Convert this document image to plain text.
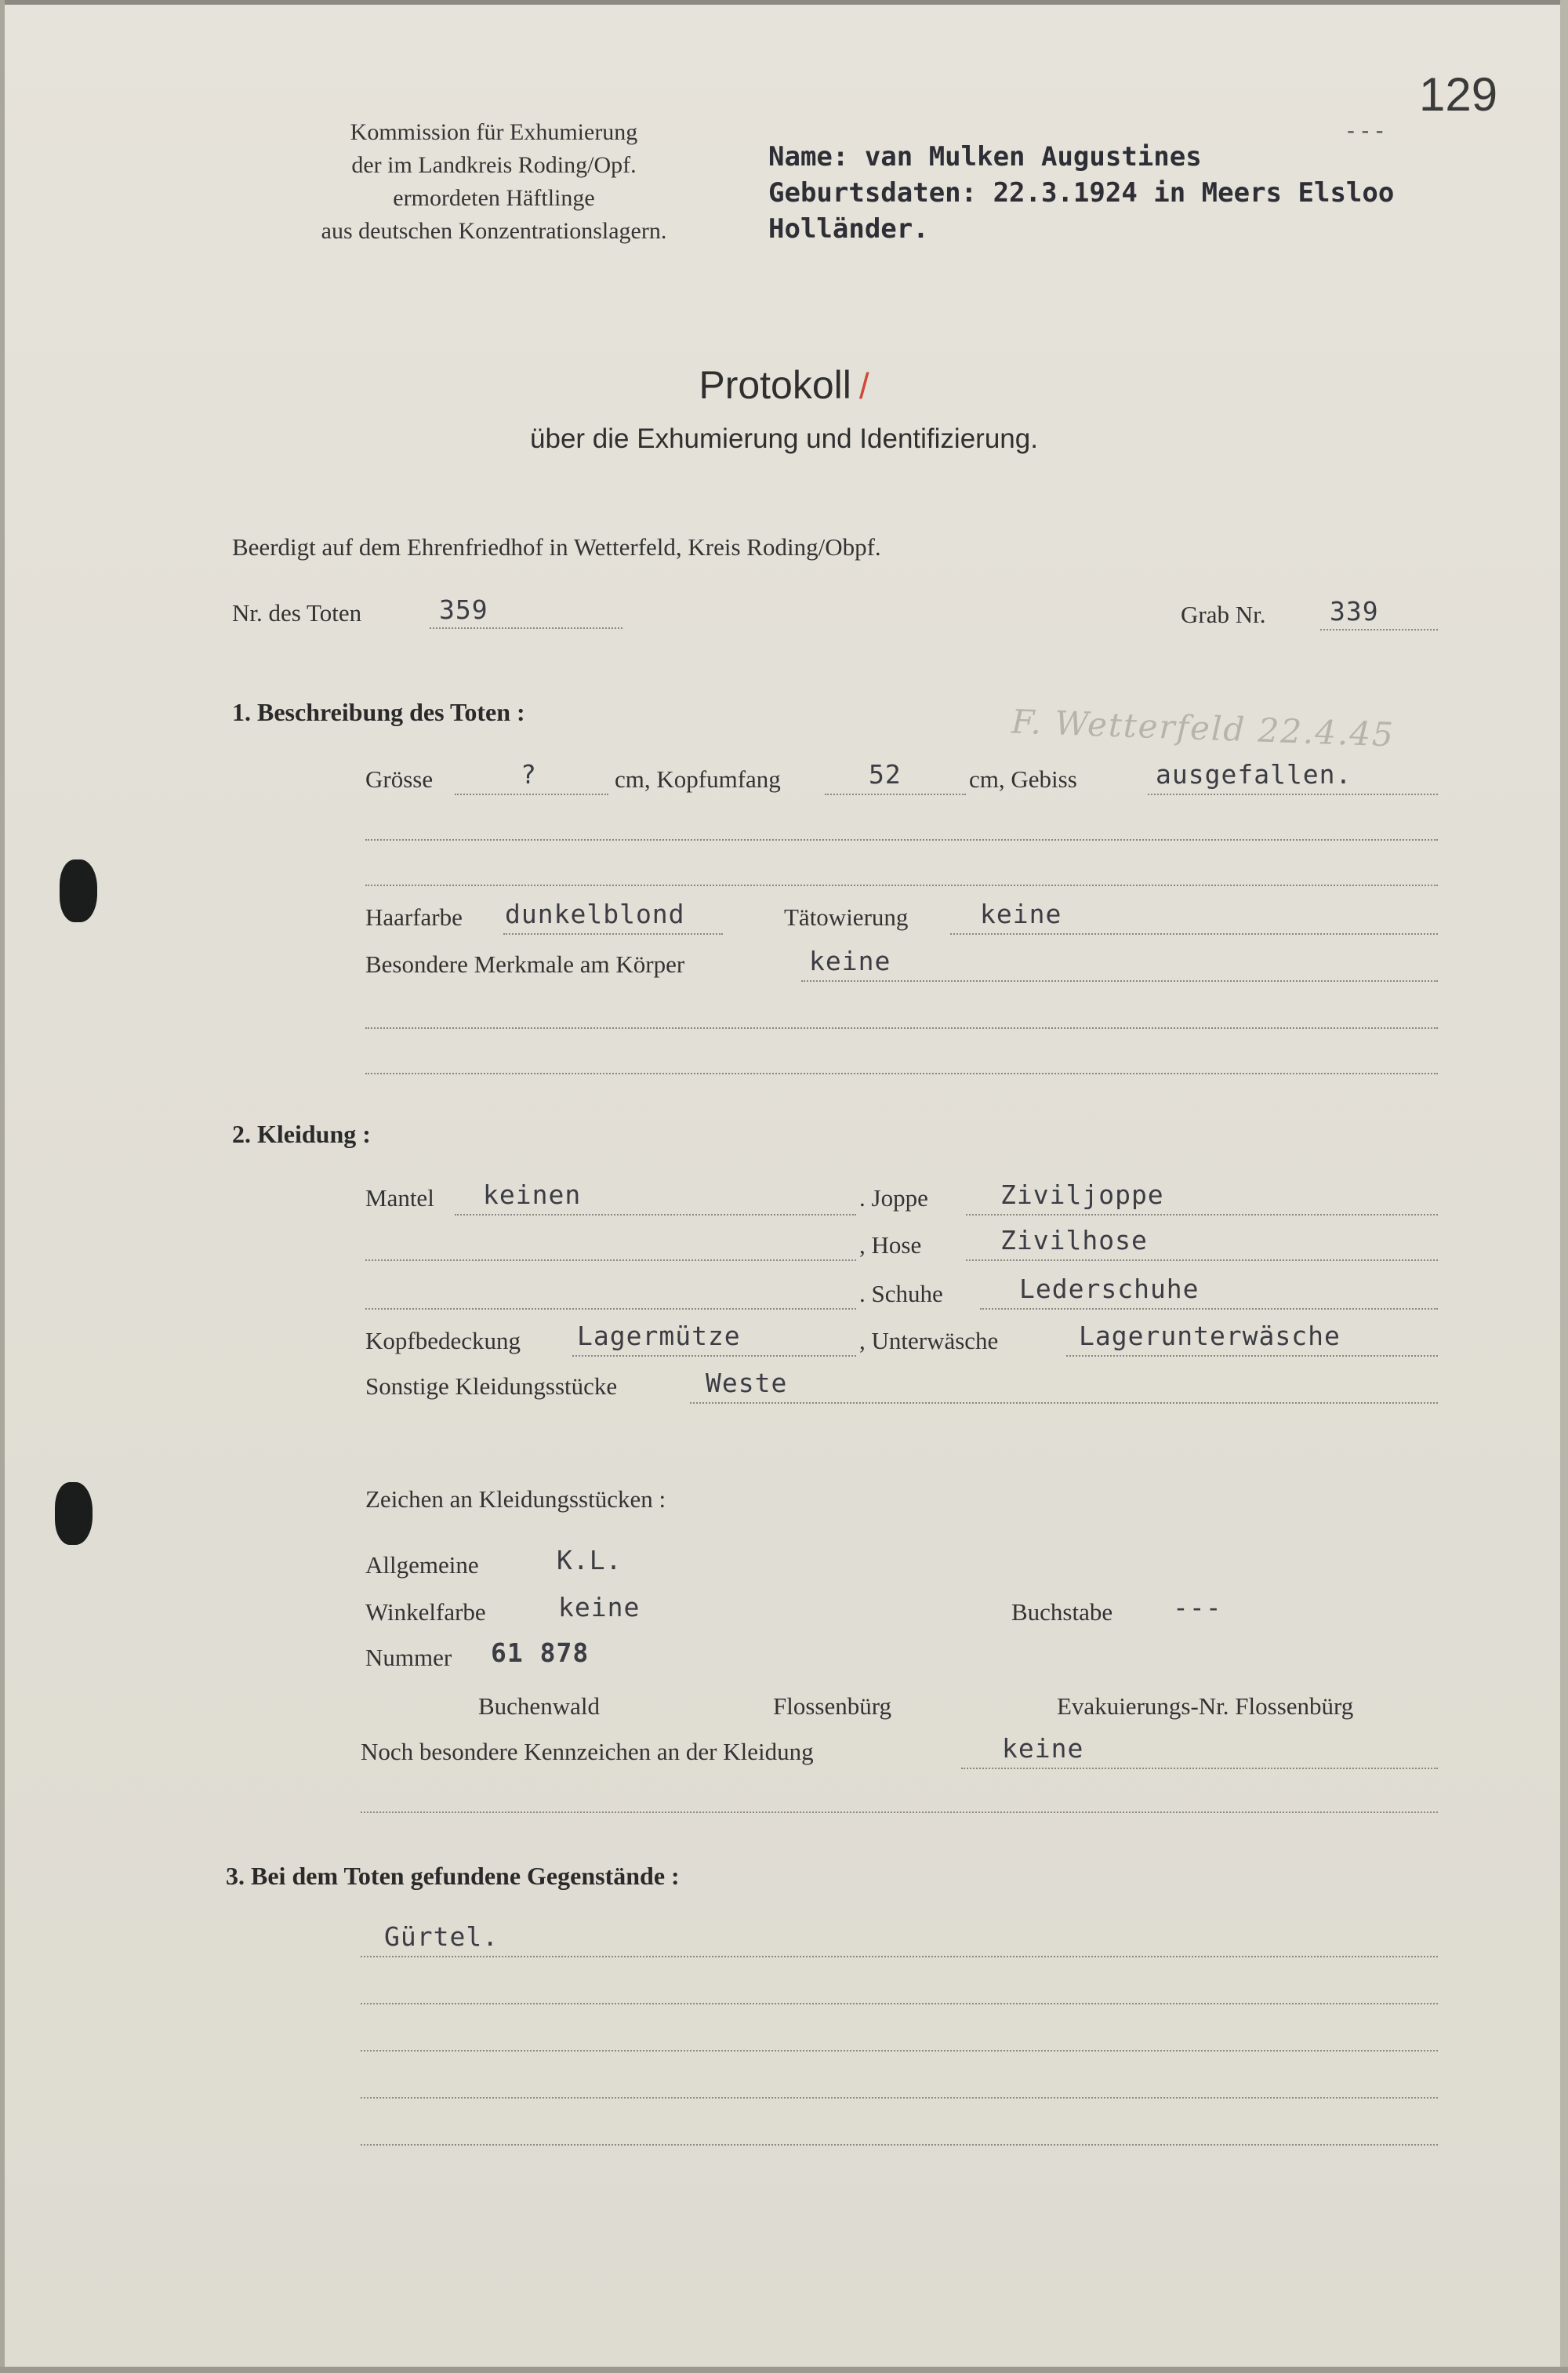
129
- - -
Kommission für Exhumierung
der im Landkreis Roding/Opf.
ermordeten Häftlinge
aus deutschen Konzentrationslagern.
Name: van Mulken Augustines
Geburtsdaten: 22.3.1924 in Meers Elsloo
Holländer.
Protokoll /
über die Exhumierung und Identifizierung.
Beerdigt auf dem Ehrenfriedhof in Wetterfeld, Kreis Roding/Obpf.
Nr. des Toten	359	Grab Nr. 339
1. Beschreibung des Toten :	F. Wetterfeld 22.4.45
Grösse	?	cm, Kopfumfang	52	cm, Gebiss	ausgefallen.
Haarfarbe dunkelblond	Tätowierung	keine
Besondere Merkmale am Körper	keine
2. Kleidung :
Mantel keinen	. Joppe	Ziviljoppe
, Hose	Zivilhose
. Schuhe	Lederschuhe
Kopfbedeckung Lagermütze	, Unterwäsche	Lagerunterwäsche
Sonstige Kleidungsstücke	Weste
Zeichen an Kleidungsstücken :
Allgemeine	K.L.
Winkelfarbe	keine	Buchstabe ---
Nummer 61 878
Buchenwald	Flossenbürg	Evakuierungs-Nr. Flossenbürg
Noch besondere Kennzeichen an der Kleidung	keine
3. Bei dem Toten gefundene Gegenstände :
Gürtel.
